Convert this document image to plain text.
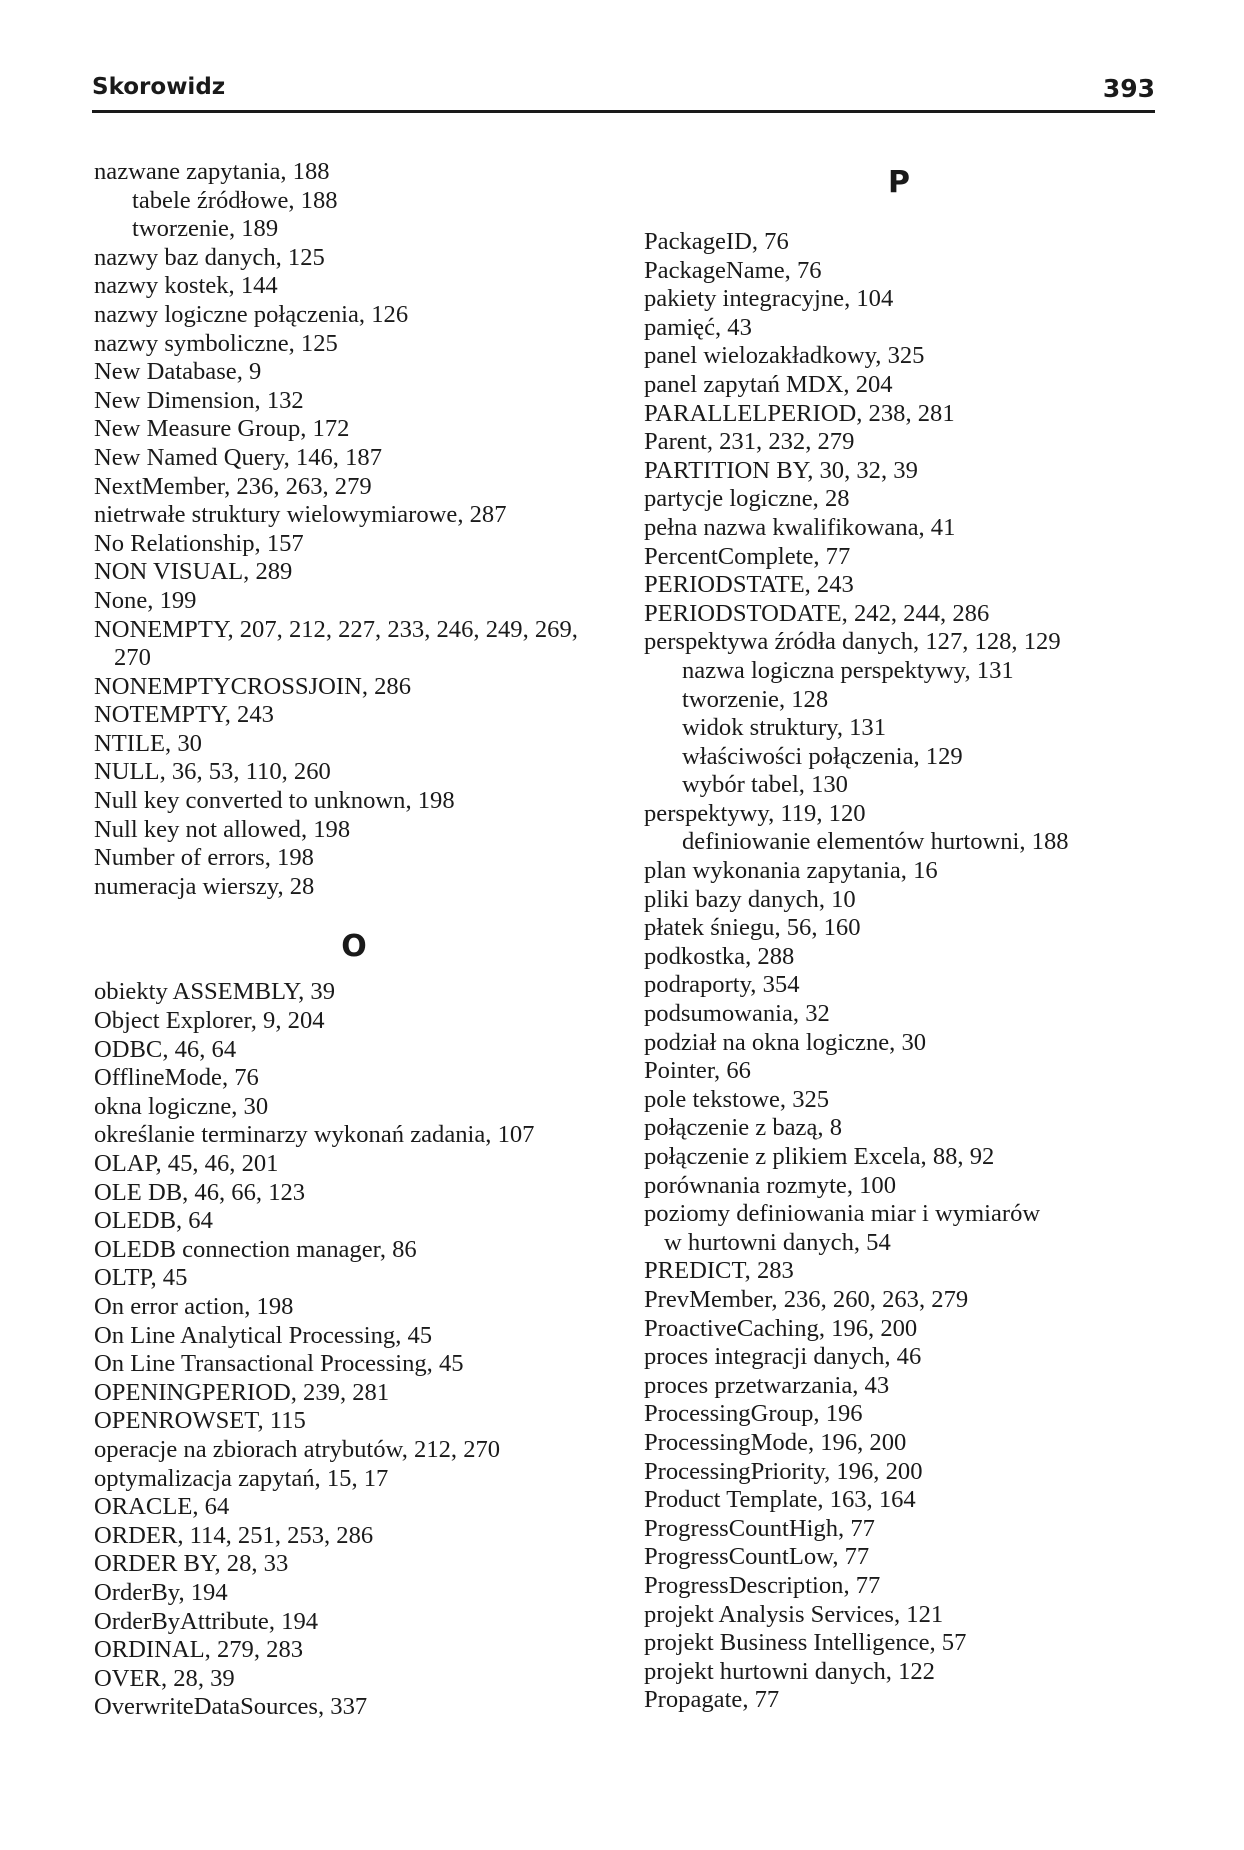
Skorowidz	393
nazwane zapytania, 188
tabele źródłowe, 188
tworzenie, 189
nazwy baz danych, 125
nazwy kostek, 144
nazwy logiczne połączenia, 126
nazwy symboliczne, 125
New Database, 9
New Dimension, 132
New Measure Group, 172
New Named Query, 146, 187
NextMember, 236, 263, 279
nietrwałe struktury wielowymiarowe, 287
No Relationship, 157
NON VISUAL, 289
None, 199
NONEMPTY, 207, 212, 227, 233, 246, 249, 269,
270
NONEMPTYCROSSJOIN, 286
NOTEMPTY, 243
NTILE, 30
NULL, 36, 53, 110, 260
Null key converted to unknown, 198
Null key not allowed, 198
Number of errors, 198
numeracja wierszy, 28
O
obiekty ASSEMBLY, 39
Object Explorer, 9, 204
ODBC, 46, 64
OfflineMode, 76
okna logiczne, 30
określanie terminarzy wykonań zadania, 107
OLAP, 45, 46, 201
OLE DB, 46, 66, 123
OLEDB, 64
OLEDB connection manager, 86
OLTP, 45
On error action, 198
On Line Analytical Processing, 45
On Line Transactional Processing, 45
OPENINGPERIOD, 239, 281
OPENROWSET, 115
operacje na zbiorach atrybutów, 212, 270
optymalizacja zapytań, 15, 17
ORACLE, 64
ORDER, 114, 251, 253, 286
ORDER BY, 28, 33
OrderBy, 194
OrderByAttribute, 194
ORDINAL, 279, 283
OVER, 28, 39
OverwriteDataSources, 337
P
PackageID, 76
PackageName, 76
pakiety integracyjne, 104
pamięć, 43
panel wielozakładkowy, 325
panel zapytań MDX, 204
PARALLELPERIOD, 238, 281
Parent, 231, 232, 279
PARTITION BY, 30, 32, 39
partycje logiczne, 28
pełna nazwa kwalifikowana, 41
PercentComplete, 77
PERIODSTATE, 243
PERIODSTODATE, 242, 244, 286
perspektywa źródła danych, 127, 128, 129
nazwa logiczna perspektywy, 131
tworzenie, 128
widok struktury, 131
właściwości połączenia, 129
wybór tabel, 130
perspektywy, 119, 120
definiowanie elementów hurtowni, 188
plan wykonania zapytania, 16
pliki bazy danych, 10
płatek śniegu, 56, 160
podkostka, 288
podraporty, 354
podsumowania, 32
podział na okna logiczne, 30
Pointer, 66
pole tekstowe, 325
połączenie z bazą, 8
połączenie z plikiem Excela, 88, 92
porównania rozmyte, 100
poziomy definiowania miar i wymiarów
w hurtowni danych, 54
PREDICT, 283
PrevMember, 236, 260, 263, 279
ProactiveCaching, 196, 200
proces integracji danych, 46
proces przetwarzania, 43
ProcessingGroup, 196
ProcessingMode, 196, 200
ProcessingPriority, 196, 200
Product Template, 163, 164
ProgressCountHigh, 77
ProgressCountLow, 77
ProgressDescription, 77
projekt Analysis Services, 121
projekt Business Intelligence, 57
projekt hurtowni danych, 122
Propagate, 77
